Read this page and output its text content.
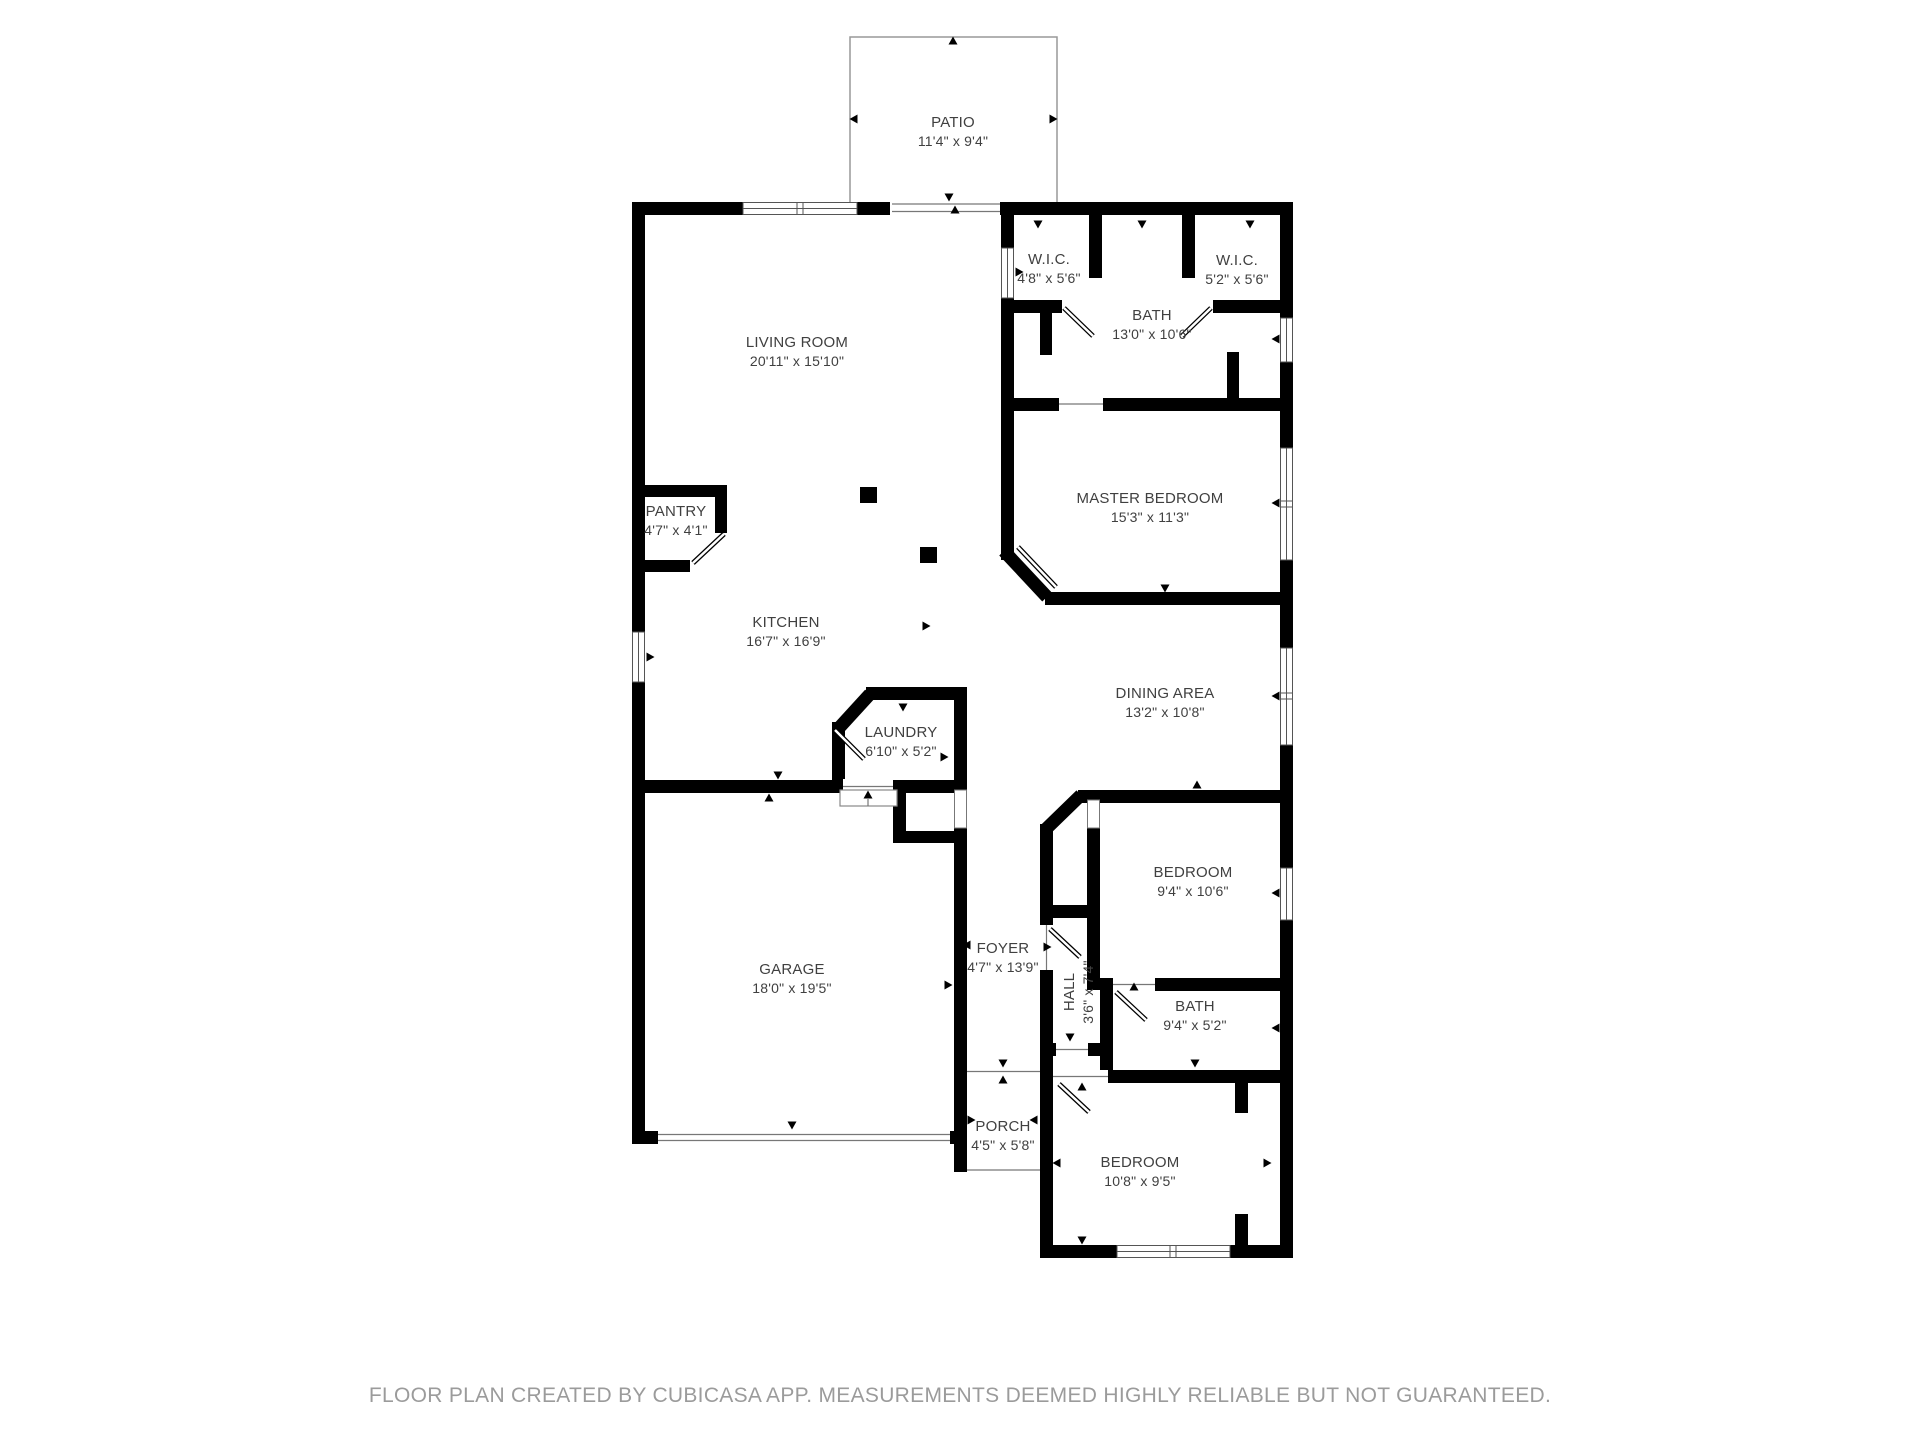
PATIO
11'4" x 9'4"
LIVING ROOM
20'11" x 15'10"
W.I.C.
4'8" x 5'6"
W.I.C.
5'2" x 5'6"
BATH
13'0" x 10'6"
MASTER BEDROOM
15'3" x 11'3"
PANTRY
4'7" x 4'1"
KITCHEN
16'7" x 16'9"
DINING AREA
13'2" x 10'8"
LAUNDRY
6'10" x 5'2"
GARAGE
18'0" x 19'5"
FOYER
4'7" x 13'9"
HALL 3'6" x 7'4"
BEDROOM
9'4" x 10'6"
BATH
9'4" x 5'2"
PORCH
4'5" x 5'8"
BEDROOM
10'8" x 9'5"
FLOOR PLAN CREATED BY CUBICASA APP. MEASUREMENTS DEEMED HIGHLY RELIABLE BUT NOT GUARANTEED.
